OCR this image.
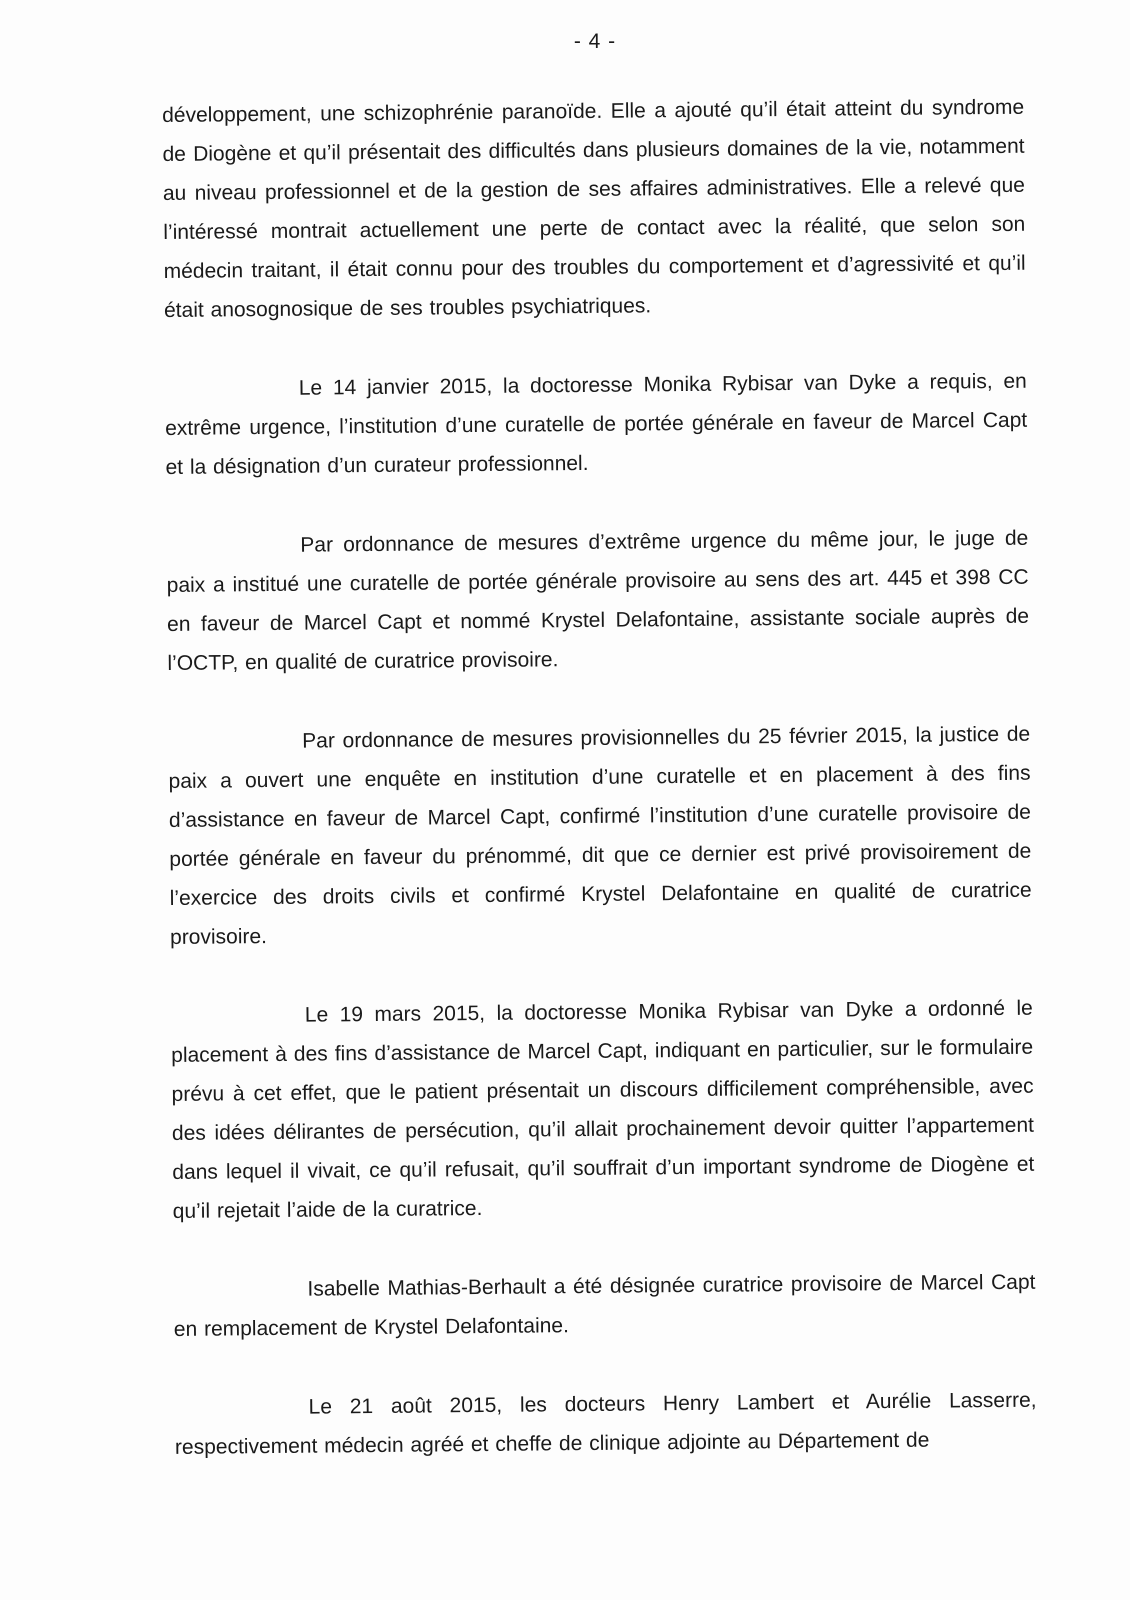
- 4 -

développement, une schizophrénie paranoïde. Elle a ajouté qu’il était atteint du syndrome de Diogène et qu’il présentait des difficultés dans plusieurs domaines de la vie, notamment au niveau professionnel et de la gestion de ses affaires administratives. Elle a relevé que l’intéressé montrait actuellement une perte de contact avec la réalité, que selon son médecin traitant, il était connu pour des troubles du comportement et d’agressivité et qu’il était anosognosique de ses troubles psychiatriques.

Le 14 janvier 2015, la doctoresse Monika Rybisar van Dyke a requis, en extrême urgence, l’institution d’une curatelle de portée générale en faveur de Marcel Capt et la désignation d’un curateur professionnel.

Par ordonnance de mesures d’extrême urgence du même jour, le juge de paix a institué une curatelle de portée générale provisoire au sens des art. 445 et 398 CC en faveur de Marcel Capt et nommé Krystel Delafontaine, assistante sociale auprès de l’OCTP, en qualité de curatrice provisoire.

Par ordonnance de mesures provisionnelles du 25 février 2015, la justice de paix a ouvert une enquête en institution d’une curatelle et en placement à des fins d’assistance en faveur de Marcel Capt, confirmé l’institution d’une curatelle provisoire de portée générale en faveur du prénommé, dit que ce dernier est privé provisoirement de l’exercice des droits civils et confirmé Krystel Delafontaine en qualité de curatrice provisoire.

Le 19 mars 2015, la doctoresse Monika Rybisar van Dyke a ordonné le placement à des fins d’assistance de Marcel Capt, indiquant en particulier, sur le formulaire prévu à cet effet, que le patient présentait un discours difficilement compréhensible, avec des idées délirantes de persécution, qu’il allait prochainement devoir quitter l’appartement dans lequel il vivait, ce qu’il refusait, qu’il souffrait d’un important syndrome de Diogène et qu’il rejetait l’aide de la curatrice.

Isabelle Mathias-Berhault a été désignée curatrice provisoire de Marcel Capt en remplacement de Krystel Delafontaine.

Le 21 août 2015, les docteurs Henry Lambert et Aurélie Lasserre, respectivement médecin agréé et cheffe de clinique adjointe au Département de
